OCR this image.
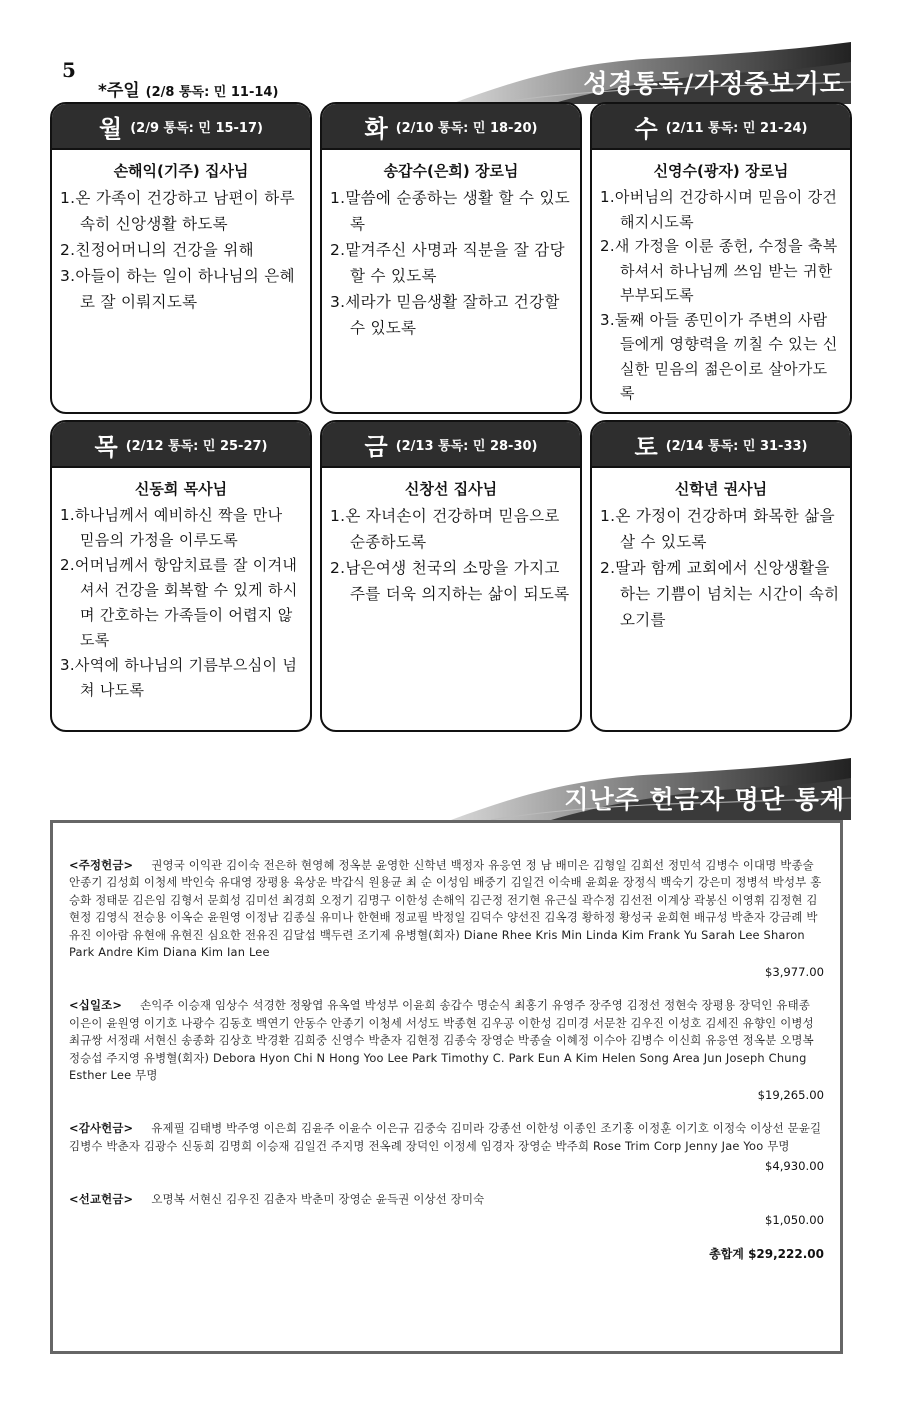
5
*주일 (2/8 통독: 민 11-14)	성경통독/가정중보기도
월 (2/9 통독: 민 15-17)
손해익(기주) 집사님
1.온 가족이 건강하고 남편이 하루속히 신앙생활 하도록
2.친정어머니의 건강을 위해
3.아들이 하는 일이 하나님의 은혜로 잘 이뤄지도록
화 (2/10 통독: 민 18-20)
송갑수(은희) 장로님
1.말씀에 순종하는 생활 할 수 있도록
2.맡겨주신 사명과 직분을 잘 감당할 수 있도록
3.세라가 믿음생활 잘하고 건강할 수 있도록
수 (2/11 통독: 민 21-24)
신영수(광자) 장로님
1.아버님의 건강하시며 믿음이 강건해지시도록
2.새 가정을 이룬 종헌, 수정을 축복하셔서 하나님께 쓰임 받는 귀한 부부되도록
3.둘째 아들 종민이가 주변의 사람들에게 영향력을 끼칠 수 있는 신실한 믿음의 젊은이로 살아가도록
목 (2/12 통독: 민 25-27)
신동희 목사님
1.하나님께서 예비하신 짝을 만나 믿음의 가정을 이루도록
2.어머님께서 항암치료를 잘 이겨내셔서 건강을 회복할 수 있게 하시며 간호하는 가족들이 어렵지 않도록
3.사역에 하나님의 기름부으심이 넘쳐 나도록
금 (2/13 통독: 민 28-30)
신창선 집사님
1.온 자녀손이 건강하며 믿음으로 순종하도록
2.남은여생 천국의 소망을 가지고 주를 더욱 의지하는 삶이 되도록
토 (2/14 통독: 민 31-33)
신학년 권사님
1.온 가정이 건강하며 화목한 삶을 살 수 있도록
2.딸과 함께 교회에서 신앙생활을 하는 기쁨이 넘치는 시간이 속히 오기를
지난주 헌금자 명단 통계
<주정헌금> 권영국 이익관 김이숙 전은하 현영혜 정옥분 윤영한 신학년 백정자 유응연 정 남 배미은 김형일 김희선 정민석 김병수 이대명 박종술 안종기 김성희 이청세 박인숙 유대영 장평용 육상운 박갑식 원용균 최 순 이성임 배중기 김일건 이숙배 윤희윤 장정식 백숙기 강은미 정병석 박성부 홍승화 정태문 김은임 김형서 문희성 김미선 최경희 오정기 김명구 이한성 손해익 김근정 전기현 유근실 곽수정 김선전 이계상 곽봉신 이영휘 김정현 김현정 김영식 전승용 이옥순 윤원영 이정남 김종실 유미나 한현배 정교필 박정일 김덕수 양선진 김옥경 황하정 황성국 윤희현 배규성 박춘자 강금례 박유진 이아람 유현애 유현진 심요한 전유진 김달섭 백두련 조기제 유병혈(회자) Diane Rhee Kris Min Linda Kim Frank Yu Sarah Lee Sharon Park Andre Kim Diana Kim Ian Lee
$3,977.00
<십일조> 손익주 이승재 임상수 석경한 정왕엽 유옥열 박성부 이윤희 송갑수 명순식 최홍기 유영주 장주영 김정선 정현숙 장평용 장덕인 유태종 이은이 윤원영 이기호 나광수 김동호 백연기 안동수 안종기 이청세 서성도 박종현 김우공 이한성 김미경 서문찬 김우진 이성호 김세진 유향인 이병성 최규쌍 서정래 서현신 송종화 김상호 박경환 김희중 신영수 박춘자 김현정 김종숙 장영순 박종술 이혜정 이수아 김병수 이신희 유응연 정옥분 오명복 정승섭 주지영 유병혈(회자) Debora Hyon Chi N Hong Yoo Lee Park Timothy C. Park Eun A Kim Helen Song Area Jun Joseph Chung Esther Lee 무명
$19,265.00
<감사헌금> 유제필 김태병 박주영 이은희 김윤주 이윤수 이은규 김중숙 김미라 강종선 이한성 이종인 조기홍 이정훈 이기호 이정숙 이상선 문윤길 김병수 박춘자 김광수 신동희 김명희 이승재 김일건 주지명 전옥례 장덕인 이정세 임경자 장영순 박주희 Rose Trim Corp Jenny Jae Yoo 무명
$4,930.00
<선교헌금> 오명복 서현신 김우진 김춘자 박춘미 장영순 윤득권 이상선 장미숙
$1,050.00
총합계 $29,222.00
